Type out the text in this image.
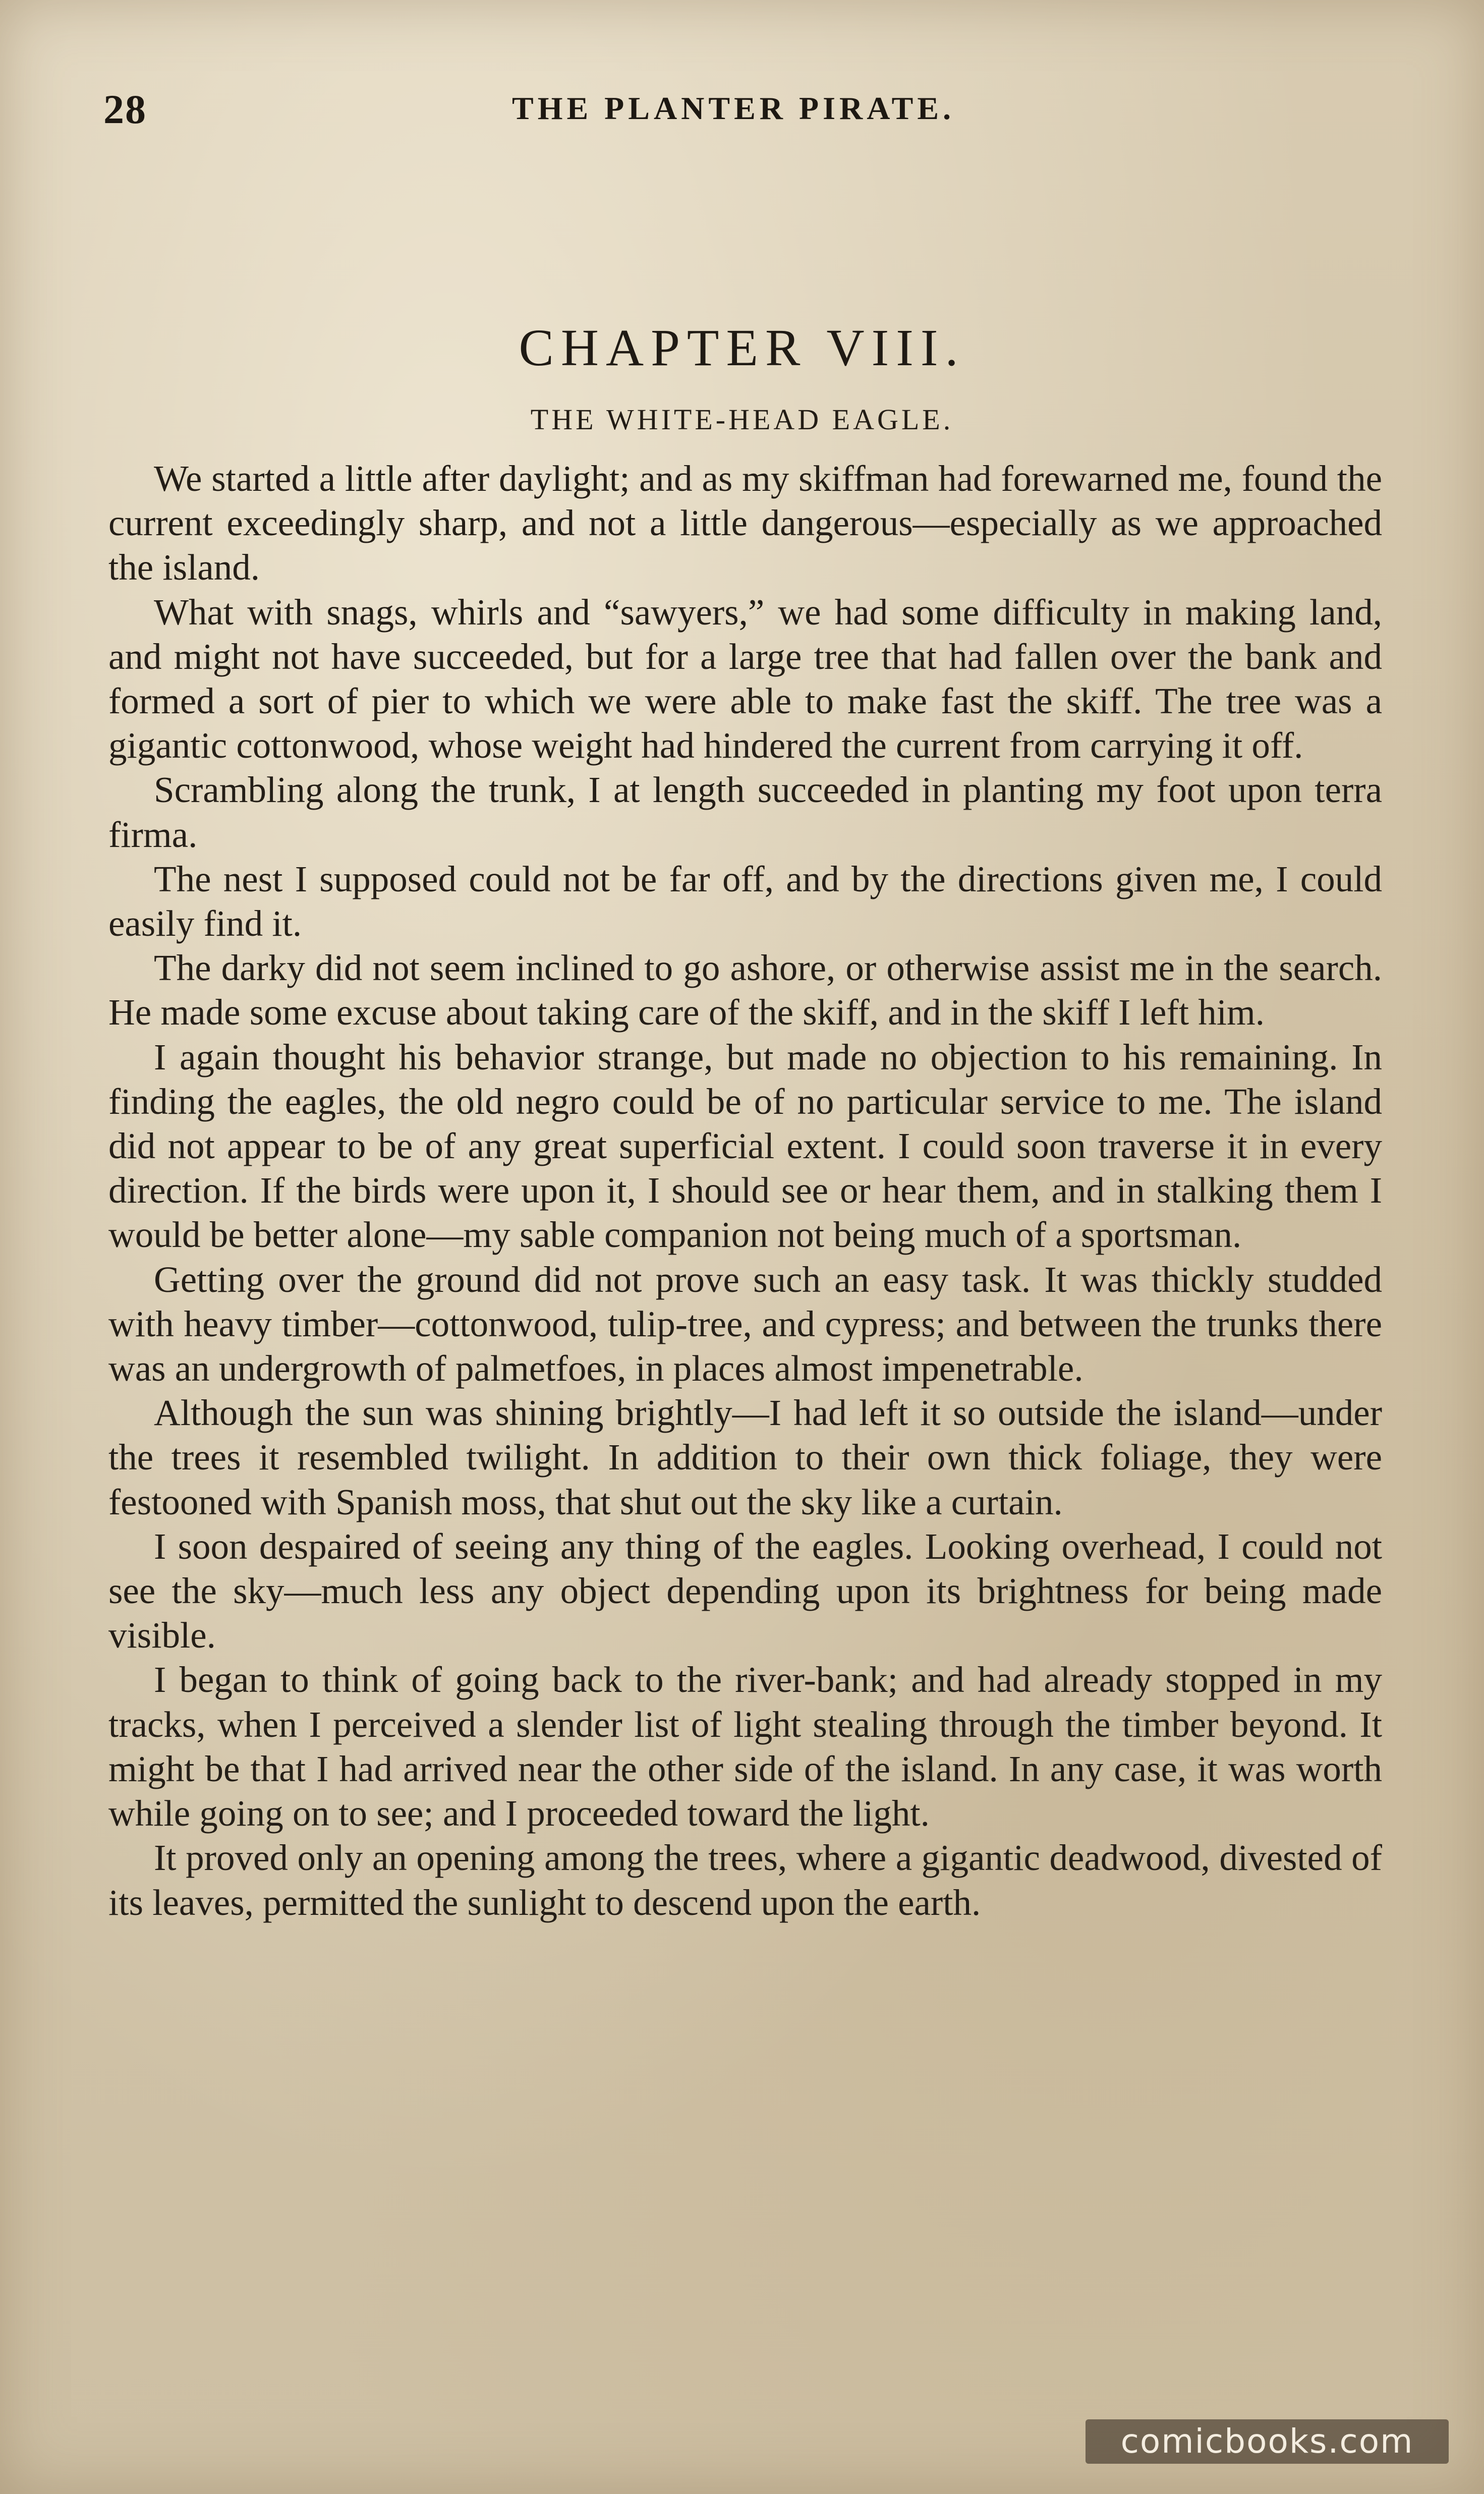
28	THE PLANTER PIRATE.
CHAPTER VIII.
THE WHITE-HEAD EAGLE.

We started a little after daylight; and as my skiffman had forewarned me, found the current exceedingly sharp, and not a little dangerous—especially as we approached the island.

What with snags, whirls and “sawyers,” we had some difficulty in making land, and might not have succeeded, but for a large tree that had fallen over the bank and formed a sort of pier to which we were able to make fast the skiff. The tree was a gigantic cottonwood, whose weight had hindered the current from carrying it off.

Scrambling along the trunk, I at length succeeded in planting my foot upon terra firma.

The nest I supposed could not be far off, and by the directions given me, I could easily find it.

The darky did not seem inclined to go ashore, or otherwise assist me in the search. He made some excuse about taking care of the skiff, and in the skiff I left him.

I again thought his behavior strange, but made no objection to his remaining. In finding the eagles, the old negro could be of no particular service to me. The island did not appear to be of any great superficial extent. I could soon traverse it in every direction. If the birds were upon it, I should see or hear them, and in stalking them I would be better alone—my sable companion not being much of a sportsman.

Getting over the ground did not prove such an easy task. It was thickly studded with heavy timber—cottonwood, tulip-tree, and cypress; and between the trunks there was an undergrowth of palmetfoes, in places almost impenetrable.

Although the sun was shining brightly—I had left it so outside the island—under the trees it resembled twilight. In addition to their own thick foliage, they were festooned with Spanish moss, that shut out the sky like a curtain.

I soon despaired of seeing any thing of the eagles. Looking overhead, I could not see the sky—much less any object depending upon its brightness for being made visible.

I began to think of going back to the river-bank; and had already stopped in my tracks, when I perceived a slender list of light stealing through the timber beyond. It might be that I had arrived near the other side of the island. In any case, it was worth while going on to see; and I proceeded toward the light.

It proved only an opening among the trees, where a gigantic deadwood, divested of its leaves, permitted the sunlight to descend upon the earth.

comicbooks.com
